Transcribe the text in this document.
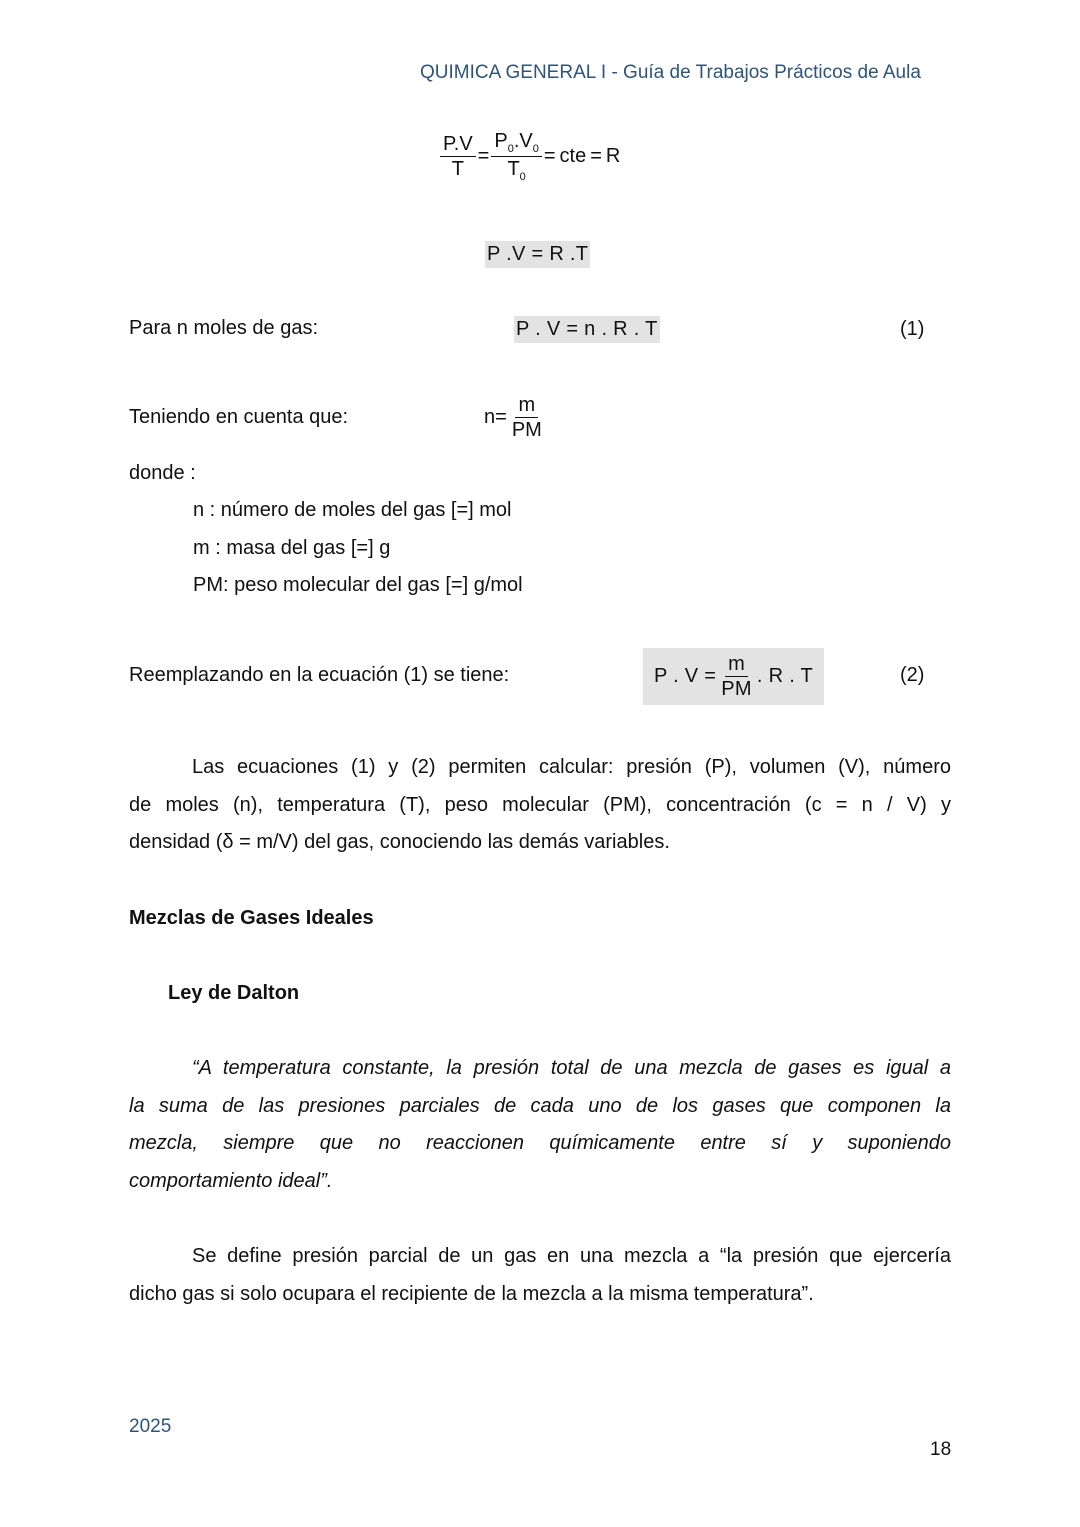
QUIMICA GENERAL I - Guía de Trabajos Prácticos de Aula
$\frac{P.V}{T} = \frac{P_0.V_0}{T_0}$ = cte = R
P .V = R .T
Para n moles de gas:	P . V = n . R . T	(1)
Teniendo en cuenta que:	$n= \frac{m}{PM}$
donde :
n : número de moles del gas [=] mol
m : masa del gas [=] g
PM: peso molecular del gas [=] g/mol
Reemplazando en la ecuación (1) se tiene:	P . $V = \frac{m}{PM}$ . R . T	(2)
Las ecuaciones (1) y (2) permiten calcular: presión (P), volumen (V), número
de moles (n), temperatura (T), peso molecular (PM), concentración (c = n / V) y
densidad (δ = m/V) del gas, conociendo las demás variables.
Mezclas de Gases Ideales
Ley de Dalton
“A temperatura constante, la presión total de una mezcla de gases es igual a
la suma de las presiones parciales de cada uno de los gases que componen la
mezcla, siempre que no reaccionen químicamente entre sí y suponiendo
comportamiento ideal”.
Se define presión parcial de un gas en una mezcla a “la presión que ejercería
dicho gas si solo ocupara el recipiente de la mezcla a la misma temperatura”.
2025
18
